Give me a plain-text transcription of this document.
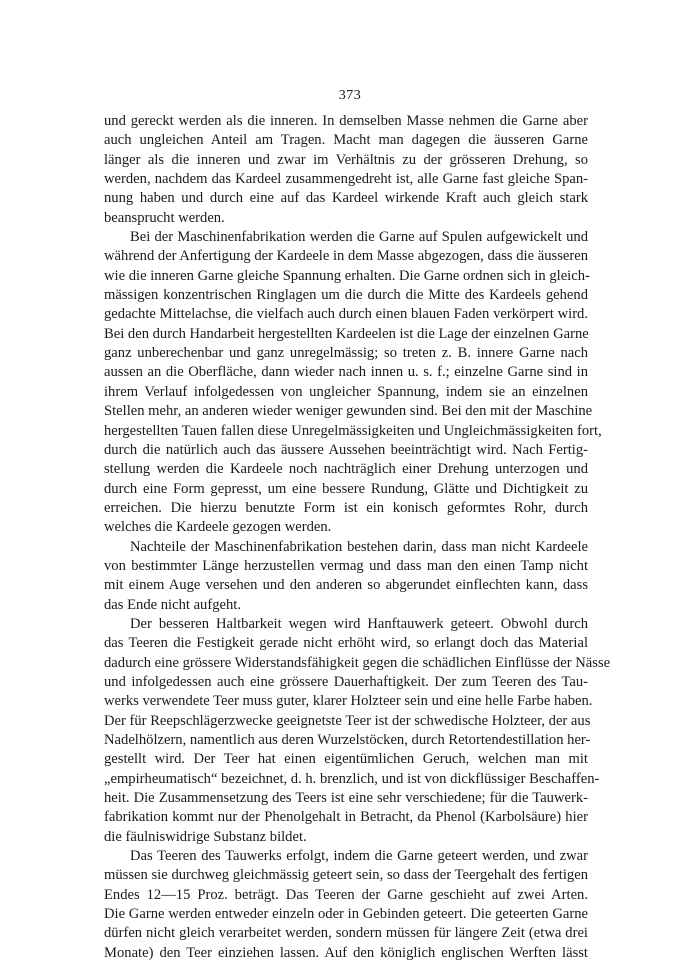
373
und gereckt werden als die inneren. In demselben Masse nehmen die Garne aber
auch ungleichen Anteil am Tragen. Macht man dagegen die äusseren Garne
länger als die inneren und zwar im Verhältnis zu der grösseren Drehung, so
werden, nachdem das Kardeel zusammengedreht ist, alle Garne fast gleiche Span-
nung haben und durch eine auf das Kardeel wirkende Kraft auch gleich stark
beansprucht werden.
Bei der Maschinenfabrikation werden die Garne auf Spulen aufgewickelt und
während der Anfertigung der Kardeele in dem Masse abgezogen, dass die äusseren
wie die inneren Garne gleiche Spannung erhalten. Die Garne ordnen sich in gleich-
mässigen konzentrischen Ringlagen um die durch die Mitte des Kardeels gehend
gedachte Mittelachse, die vielfach auch durch einen blauen Faden verkörpert wird.
Bei den durch Handarbeit hergestellten Kardeelen ist die Lage der einzelnen Garne
ganz unberechenbar und ganz unregelmässig; so treten z. B. innere Garne nach
aussen an die Oberfläche, dann wieder nach innen u. s. f.; einzelne Garne sind in
ihrem Verlauf infolgedessen von ungleicher Spannung, indem sie an einzelnen
Stellen mehr, an anderen wieder weniger gewunden sind. Bei den mit der Maschine
hergestellten Tauen fallen diese Unregelmässigkeiten und Ungleichmässigkeiten fort,
durch die natürlich auch das äussere Aussehen beeinträchtigt wird. Nach Fertig-
stellung werden die Kardeele noch nachträglich einer Drehung unterzogen und
durch eine Form gepresst, um eine bessere Rundung, Glätte und Dichtigkeit zu
erreichen. Die hierzu benutzte Form ist ein konisch geformtes Rohr, durch
welches die Kardeele gezogen werden.
Nachteile der Maschinenfabrikation bestehen darin, dass man nicht Kardeele
von bestimmter Länge herzustellen vermag und dass man den einen Tamp nicht
mit einem Auge versehen und den anderen so abgerundet einflechten kann, dass
das Ende nicht aufgeht.
Der besseren Haltbarkeit wegen wird Hanftauwerk geteert. Obwohl durch
das Teeren die Festigkeit gerade nicht erhöht wird, so erlangt doch das Material
dadurch eine grössere Widerstandsfähigkeit gegen die schädlichen Einflüsse der Nässe
und infolgedessen auch eine grössere Dauerhaftigkeit. Der zum Teeren des Tau-
werks verwendete Teer muss guter, klarer Holzteer sein und eine helle Farbe haben.
Der für Reepschlägerzwecke geeignetste Teer ist der schwedische Holzteer, der aus
Nadelhölzern, namentlich aus deren Wurzelstöcken, durch Retortendestillation her-
gestellt wird. Der Teer hat einen eigentümlichen Geruch, welchen man mit
„empirheumatisch“ bezeichnet, d. h. brenzlich, und ist von dickflüssiger Beschaffen-
heit. Die Zusammensetzung des Teers ist eine sehr verschiedene; für die Tauwerk-
fabrikation kommt nur der Phenolgehalt in Betracht, da Phenol (Karbolsäure) hier
die fäulniswidrige Substanz bildet.
Das Teeren des Tauwerks erfolgt, indem die Garne geteert werden, und zwar
müssen sie durchweg gleichmässig geteert sein, so dass der Teergehalt des fertigen
Endes 12—15 Proz. beträgt. Das Teeren der Garne geschieht auf zwei Arten.
Die Garne werden entweder einzeln oder in Gebinden geteert. Die geteerten Garne
dürfen nicht gleich verarbeitet werden, sondern müssen für längere Zeit (etwa drei
Monate) den Teer einziehen lassen. Auf den königlich englischen Werften lässt
